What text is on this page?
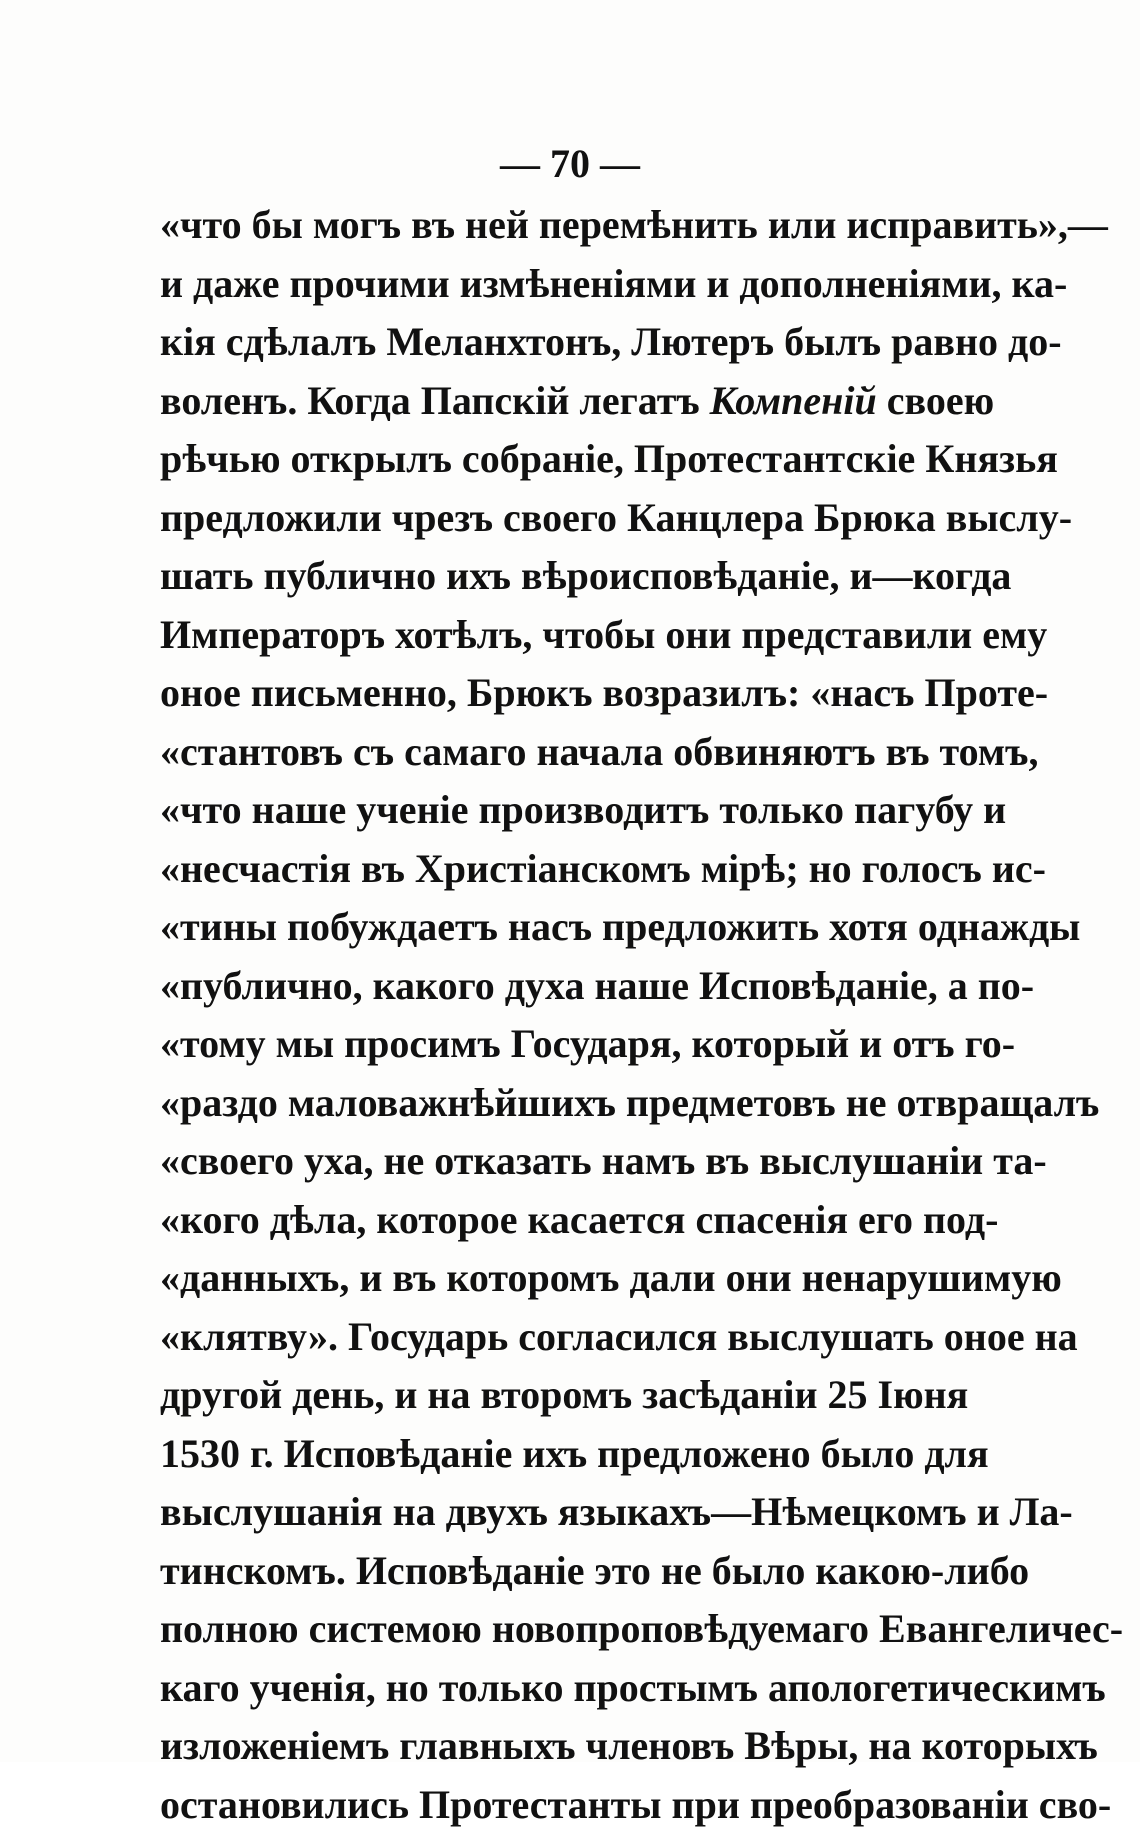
— 70 —
«что бы могъ въ ней перемѣнить или исправить»,—
и даже прочими измѣненіями и дополненіями, ка-
кія сдѣлалъ Меланхтонъ, Лютеръ былъ равно до-
воленъ. Когда Папскій легатъ Компеній своею
рѣчью открылъ собраніе, Протестантскіе Князья
предложили чрезъ своего Канцлера Брюка выслу-
шать публично ихъ вѣроисповѣданіе, и—когда
Императоръ хотѣлъ, чтобы они представили ему
оное письменно, Брюкъ возразилъ: «насъ Проте-
«стантовъ съ самаго начала обвиняютъ въ томъ,
«что наше ученіе производитъ только пагубу и
«несчастія въ Христіанскомъ мірѣ; но голосъ ис-
«тины побуждаетъ насъ предложить хотя однажды
«публично, какого духа наше Исповѣданіе, а по-
«тому мы просимъ Государя, который и отъ го-
«раздо маловажнѣйшихъ предметовъ не отвращалъ
«своего уха, не отказать намъ въ выслушаніи та-
«кого дѣла, которое касается спасенія его под-
«данныхъ, и въ которомъ дали они ненарушимую
«клятву». Государь согласился выслушать оное на
другой день, и на второмъ засѣданіи 25 Іюня
1530 г. Исповѣданіе ихъ предложено было для
выслушанія на двухъ языкахъ—Нѣмецкомъ и Ла-
тинскомъ. Исповѣданіе это не было какою-либо
полною системою новопроповѣдуемаго Евангеличес-
каго ученія, но только простымъ апологетическимъ
изложеніемъ главныхъ членовъ Вѣры, на которыхъ
остановились Протестанты при преобразованіи сво-
